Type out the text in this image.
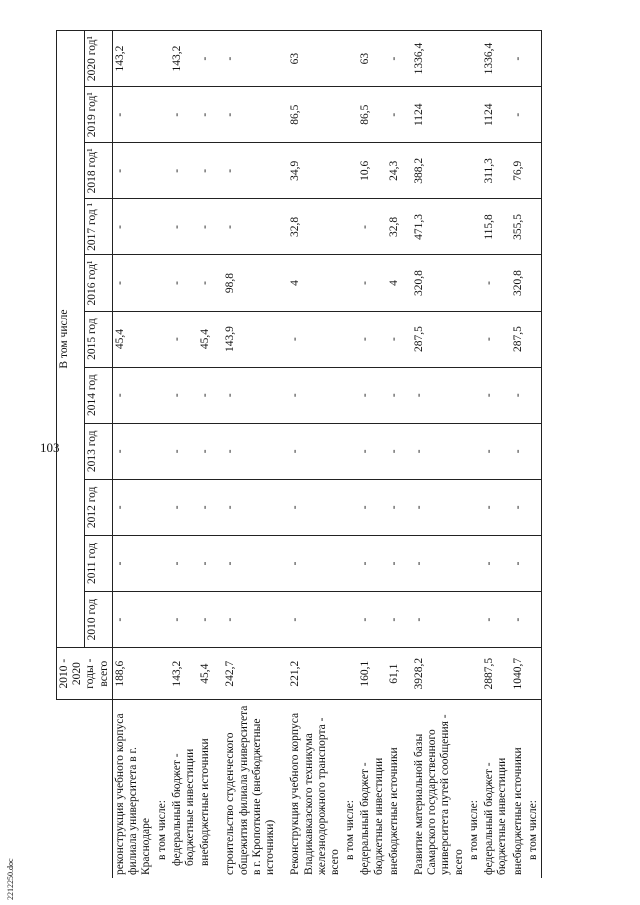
103
2212250.doc
	2010 - 2020 годы - всего	В том числе										
		2010 год	2011 год	2012 год	2013 год	2014 год	2015 год	2016 год¹	2017 год ¹	2018 год¹	2019 год¹	2020 год¹
реконструкция учебного корпуса филиала университета в г. Краснодаре	188,6	-	-	-	-	-	45,4	-	-	-	-	143,2
в том числе:												
федеральный бюджет - бюджетные инвестиции	143,2	-	-	-	-	-	-	-	-	-	-	143,2
внебюджетные источники	45,4	-	-	-	-	-	45,4	-	-	-	-	-

строительство студенческого общежития филиала университета в г. Кропоткине (внебюджетные источники)	242,7	-	-	-	-	-	143,9	98,8	-	-	-	-

Реконструкция учебного корпуса Владикавказского техникума железнодорожного транспорта - всего	221,2	-	-	-	-	-	-	4	32,8	34,9	86,5	63
в том числе:												
федеральный бюджет - бюджетные инвестиции	160,1	-	-	-	-	-	-	-	-	10,6	86,5	63
внебюджетные источники	61,1	-	-	-	-	-	-	4	32,8	24,3	-	-

Развитие материальной базы Самарского государственного университета путей сообщения - всего	3928,2	-	-	-	-	-	287,5	320,8	471,3	388,2	1124	1336,4
в том числе:												
федеральный бюджет - бюджетные инвестиции	2887,5	-	-	-	-	-	-	-	115,8	311,3	1124	1336,4
внебюджетные источники	1040,7	-	-	-	-	-	287,5	320,8	355,5	76,9	-	-
в том числе:												
